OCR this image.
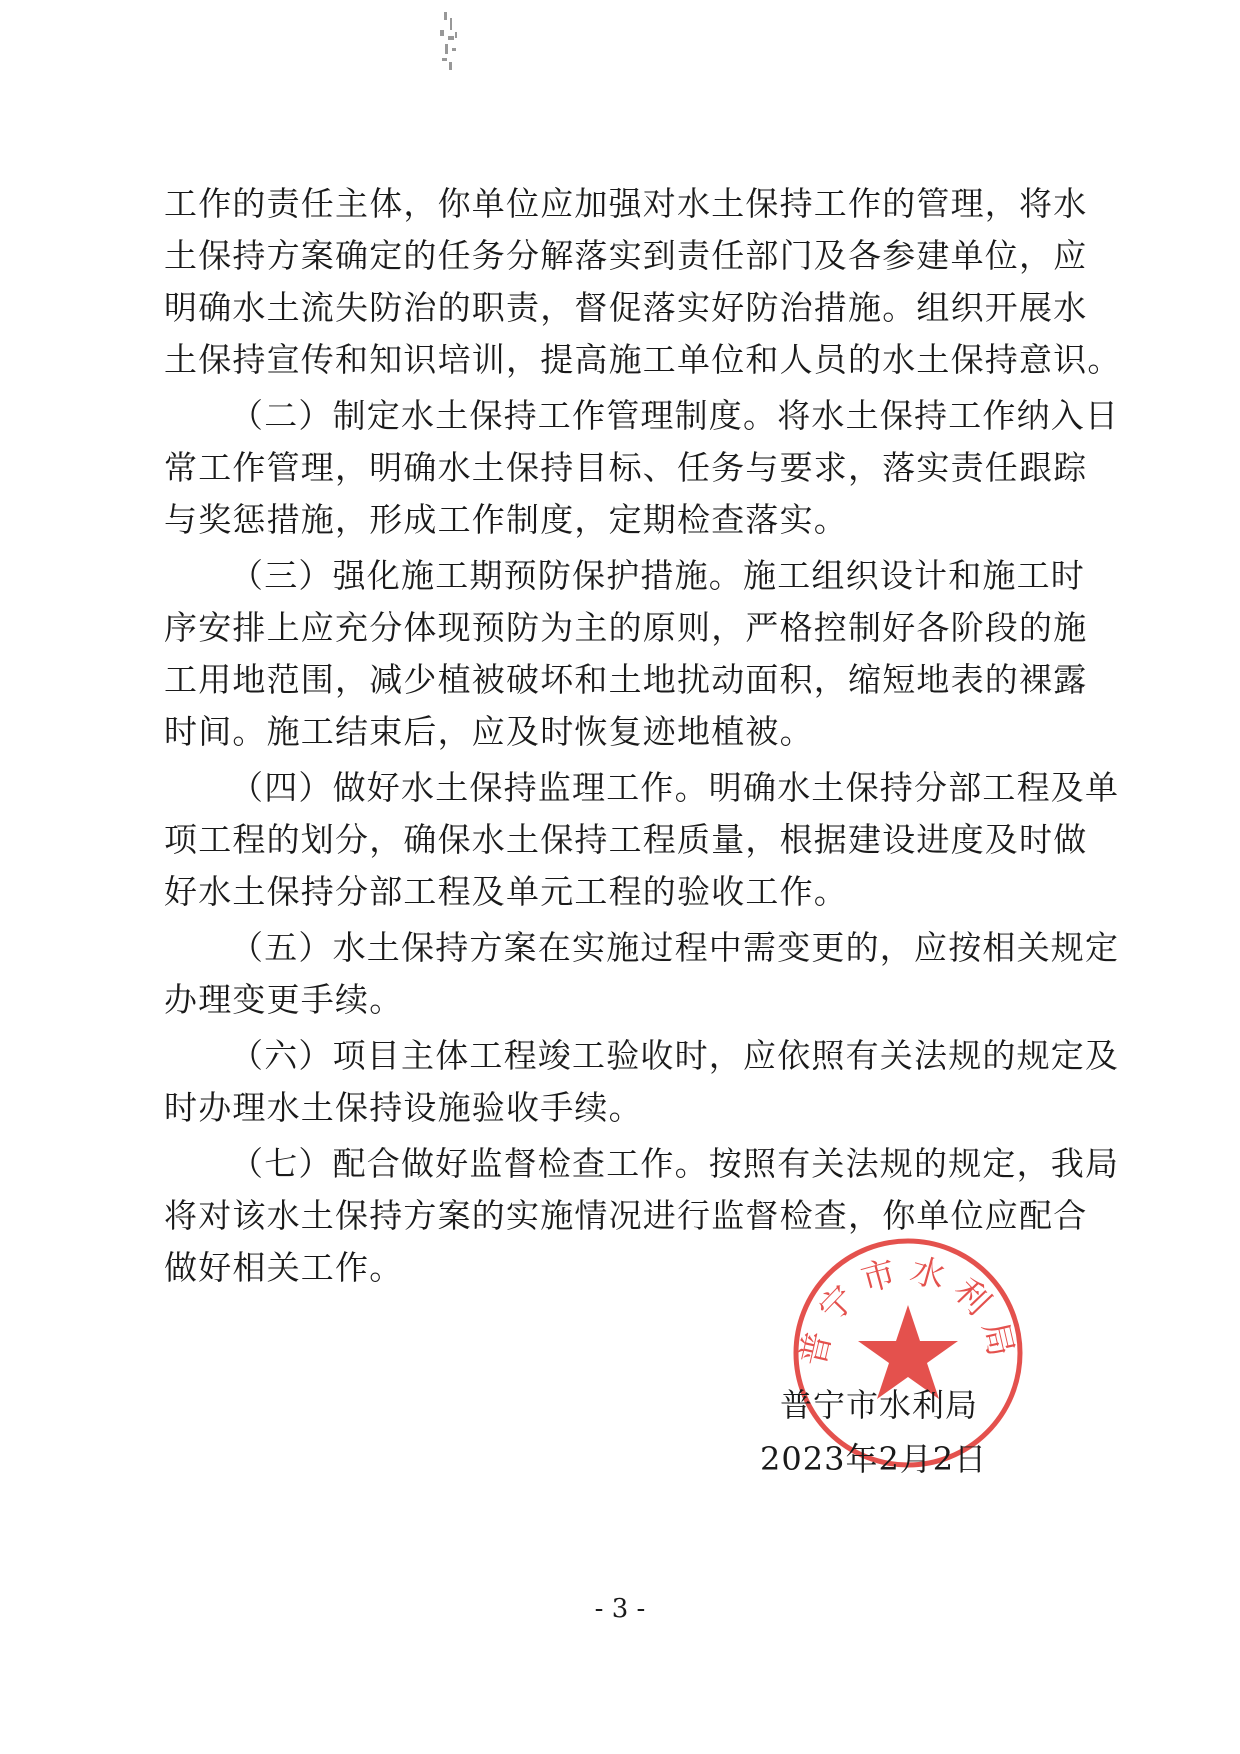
工作的责任主体，你单位应加强对水土保持工作的管理，将水
土保持方案确定的任务分解落实到责任部门及各参建单位，应
明确水土流失防治的职责，督促落实好防治措施。组织开展水
土保持宣传和知识培训，提高施工单位和人员的水土保持意识。
（二）制定水土保持工作管理制度。将水土保持工作纳入日
常工作管理，明确水土保持目标、任务与要求，落实责任跟踪
与奖惩措施，形成工作制度，定期检查落实。
（三）强化施工期预防保护措施。施工组织设计和施工时
序安排上应充分体现预防为主的原则，严格控制好各阶段的施
工用地范围，减少植被破坏和土地扰动面积，缩短地表的裸露
时间。施工结束后，应及时恢复迹地植被。
（四）做好水土保持监理工作。明确水土保持分部工程及单
项工程的划分，确保水土保持工程质量，根据建设进度及时做
好水土保持分部工程及单元工程的验收工作。
（五）水土保持方案在实施过程中需变更的，应按相关规定
办理变更手续。
（六）项目主体工程竣工验收时，应依照有关法规的规定及
时办理水土保持设施验收手续。
（七）配合做好监督检查工作。按照有关法规的规定，我局
将对该水土保持方案的实施情况进行监督检查，你单位应配合
做好相关工作。
普宁市水利局
普宁市水利局
2023年2月2日
- 3 -
